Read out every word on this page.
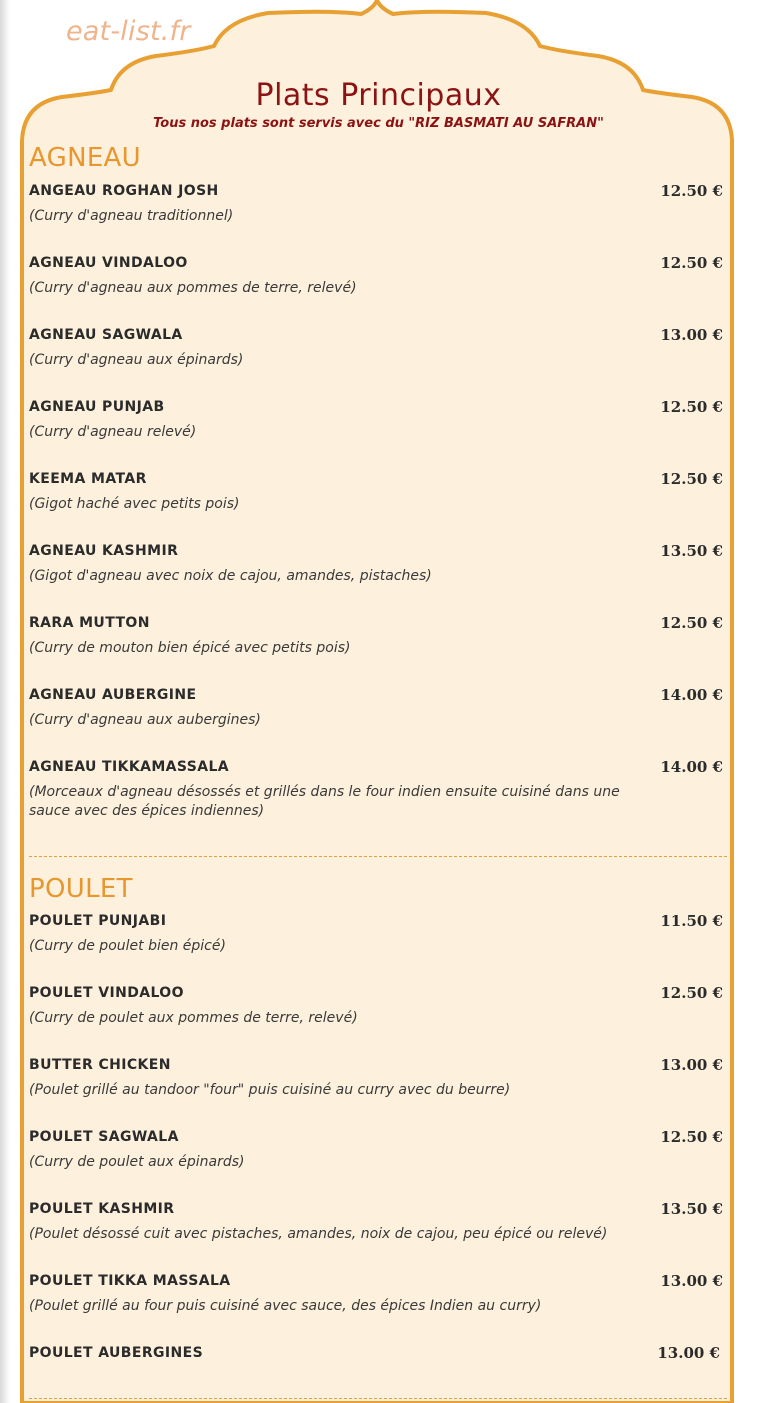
eat-list.fr
Plats Principaux
Tous nos plats sont servis avec du "RIZ BASMATI AU SAFRAN"
AGNEAU
ANGEAU ROGHAN JOSH	12.50 €
(Curry d'agneau traditionnel)
AGNEAU VINDALOO	12.50 €
(Curry d'agneau aux pommes de terre, relevé)
AGNEAU SAGWALA	13.00 €
(Curry d'agneau aux épinards)
AGNEAU PUNJAB	12.50 €
(Curry d'agneau relevé)
KEEMA MATAR	12.50 €
(Gigot haché avec petits pois)
AGNEAU KASHMIR	13.50 €
(Gigot d'agneau avec noix de cajou, amandes, pistaches)
RARA MUTTON	12.50 €
(Curry de mouton bien épicé avec petits pois)
AGNEAU AUBERGINE	14.00 €
(Curry d'agneau aux aubergines)
AGNEAU TIKKAMASSALA	14.00 €
(Morceaux d'agneau désossés et grillés dans le four indien ensuite cuisiné dans une sauce avec des épices indiennes)
POULET
POULET PUNJABI	11.50 €
(Curry de poulet bien épicé)
POULET VINDALOO	12.50 €
(Curry de poulet aux pommes de terre, relevé)
BUTTER CHICKEN	13.00 €
(Poulet grillé au tandoor "four" puis cuisiné au curry avec du beurre)
POULET SAGWALA	12.50 €
(Curry de poulet aux épinards)
POULET KASHMIR	13.50 €
(Poulet désossé cuit avec pistaches, amandes, noix de cajou, peu épicé ou relevé)
POULET TIKKA MASSALA	13.00 €
(Poulet grillé au four puis cuisiné avec sauce, des épices Indien au curry)
POULET AUBERGINES	13.00 €
